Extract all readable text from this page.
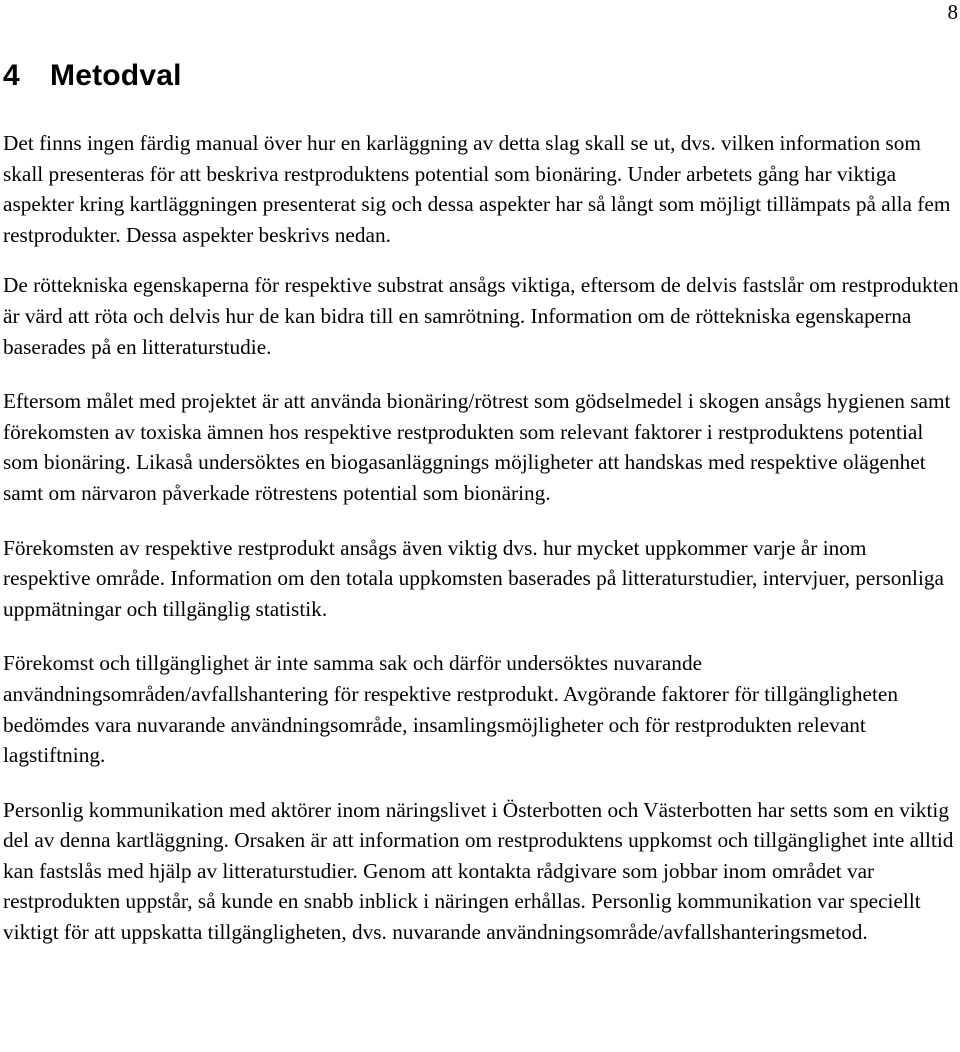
8
4 Metodval

Det finns ingen färdig manual över hur en karläggning av detta slag skall se ut, dvs. vilken information som skall presenteras för att beskriva restproduktens potential som bionäring. Under arbetets gång har viktiga aspekter kring kartläggningen presenterat sig och dessa aspekter har så långt som möjligt tillämpats på alla fem restprodukter. Dessa aspekter beskrivs nedan.

De röttekniska egenskaperna för respektive substrat ansågs viktiga, eftersom de delvis fastslår om restprodukten är värd att röta och delvis hur de kan bidra till en samrötning. Information om de röttekniska egenskaperna baserades på en litteraturstudie.

Eftersom målet med projektet är att använda bionäring/rötrest som gödselmedel i skogen ansågs hygienen samt förekomsten av toxiska ämnen hos respektive restprodukten som relevant faktorer i restproduktens potential som bionäring. Likaså undersöktes en biogasanläggnings möjligheter att handskas med respektive olägenhet samt om närvaron påverkade rötrestens potential som bionäring.

Förekomsten av respektive restprodukt ansågs även viktig dvs. hur mycket uppkommer varje år inom respektive område. Information om den totala uppkomsten baserades på litteraturstudier, intervjuer, personliga uppmätningar och tillgänglig statistik.

Förekomst och tillgänglighet är inte samma sak och därför undersöktes nuvarande användningsområden/avfallshantering för respektive restprodukt. Avgörande faktorer för tillgängligheten bedömdes vara nuvarande användningsområde, insamlingsmöjligheter och för restprodukten relevant lagstiftning.

Personlig kommunikation med aktörer inom näringslivet i Österbotten och Västerbotten har setts som en viktig del av denna kartläggning. Orsaken är att information om restproduktens uppkomst och tillgänglighet inte alltid kan fastslås med hjälp av litteraturstudier. Genom att kontakta rådgivare som jobbar inom området var restprodukten uppstår, så kunde en snabb inblick i näringen erhållas. Personlig kommunikation var speciellt viktigt för att uppskatta tillgängligheten, dvs. nuvarande användningsområde/avfallshanteringsmetod.
